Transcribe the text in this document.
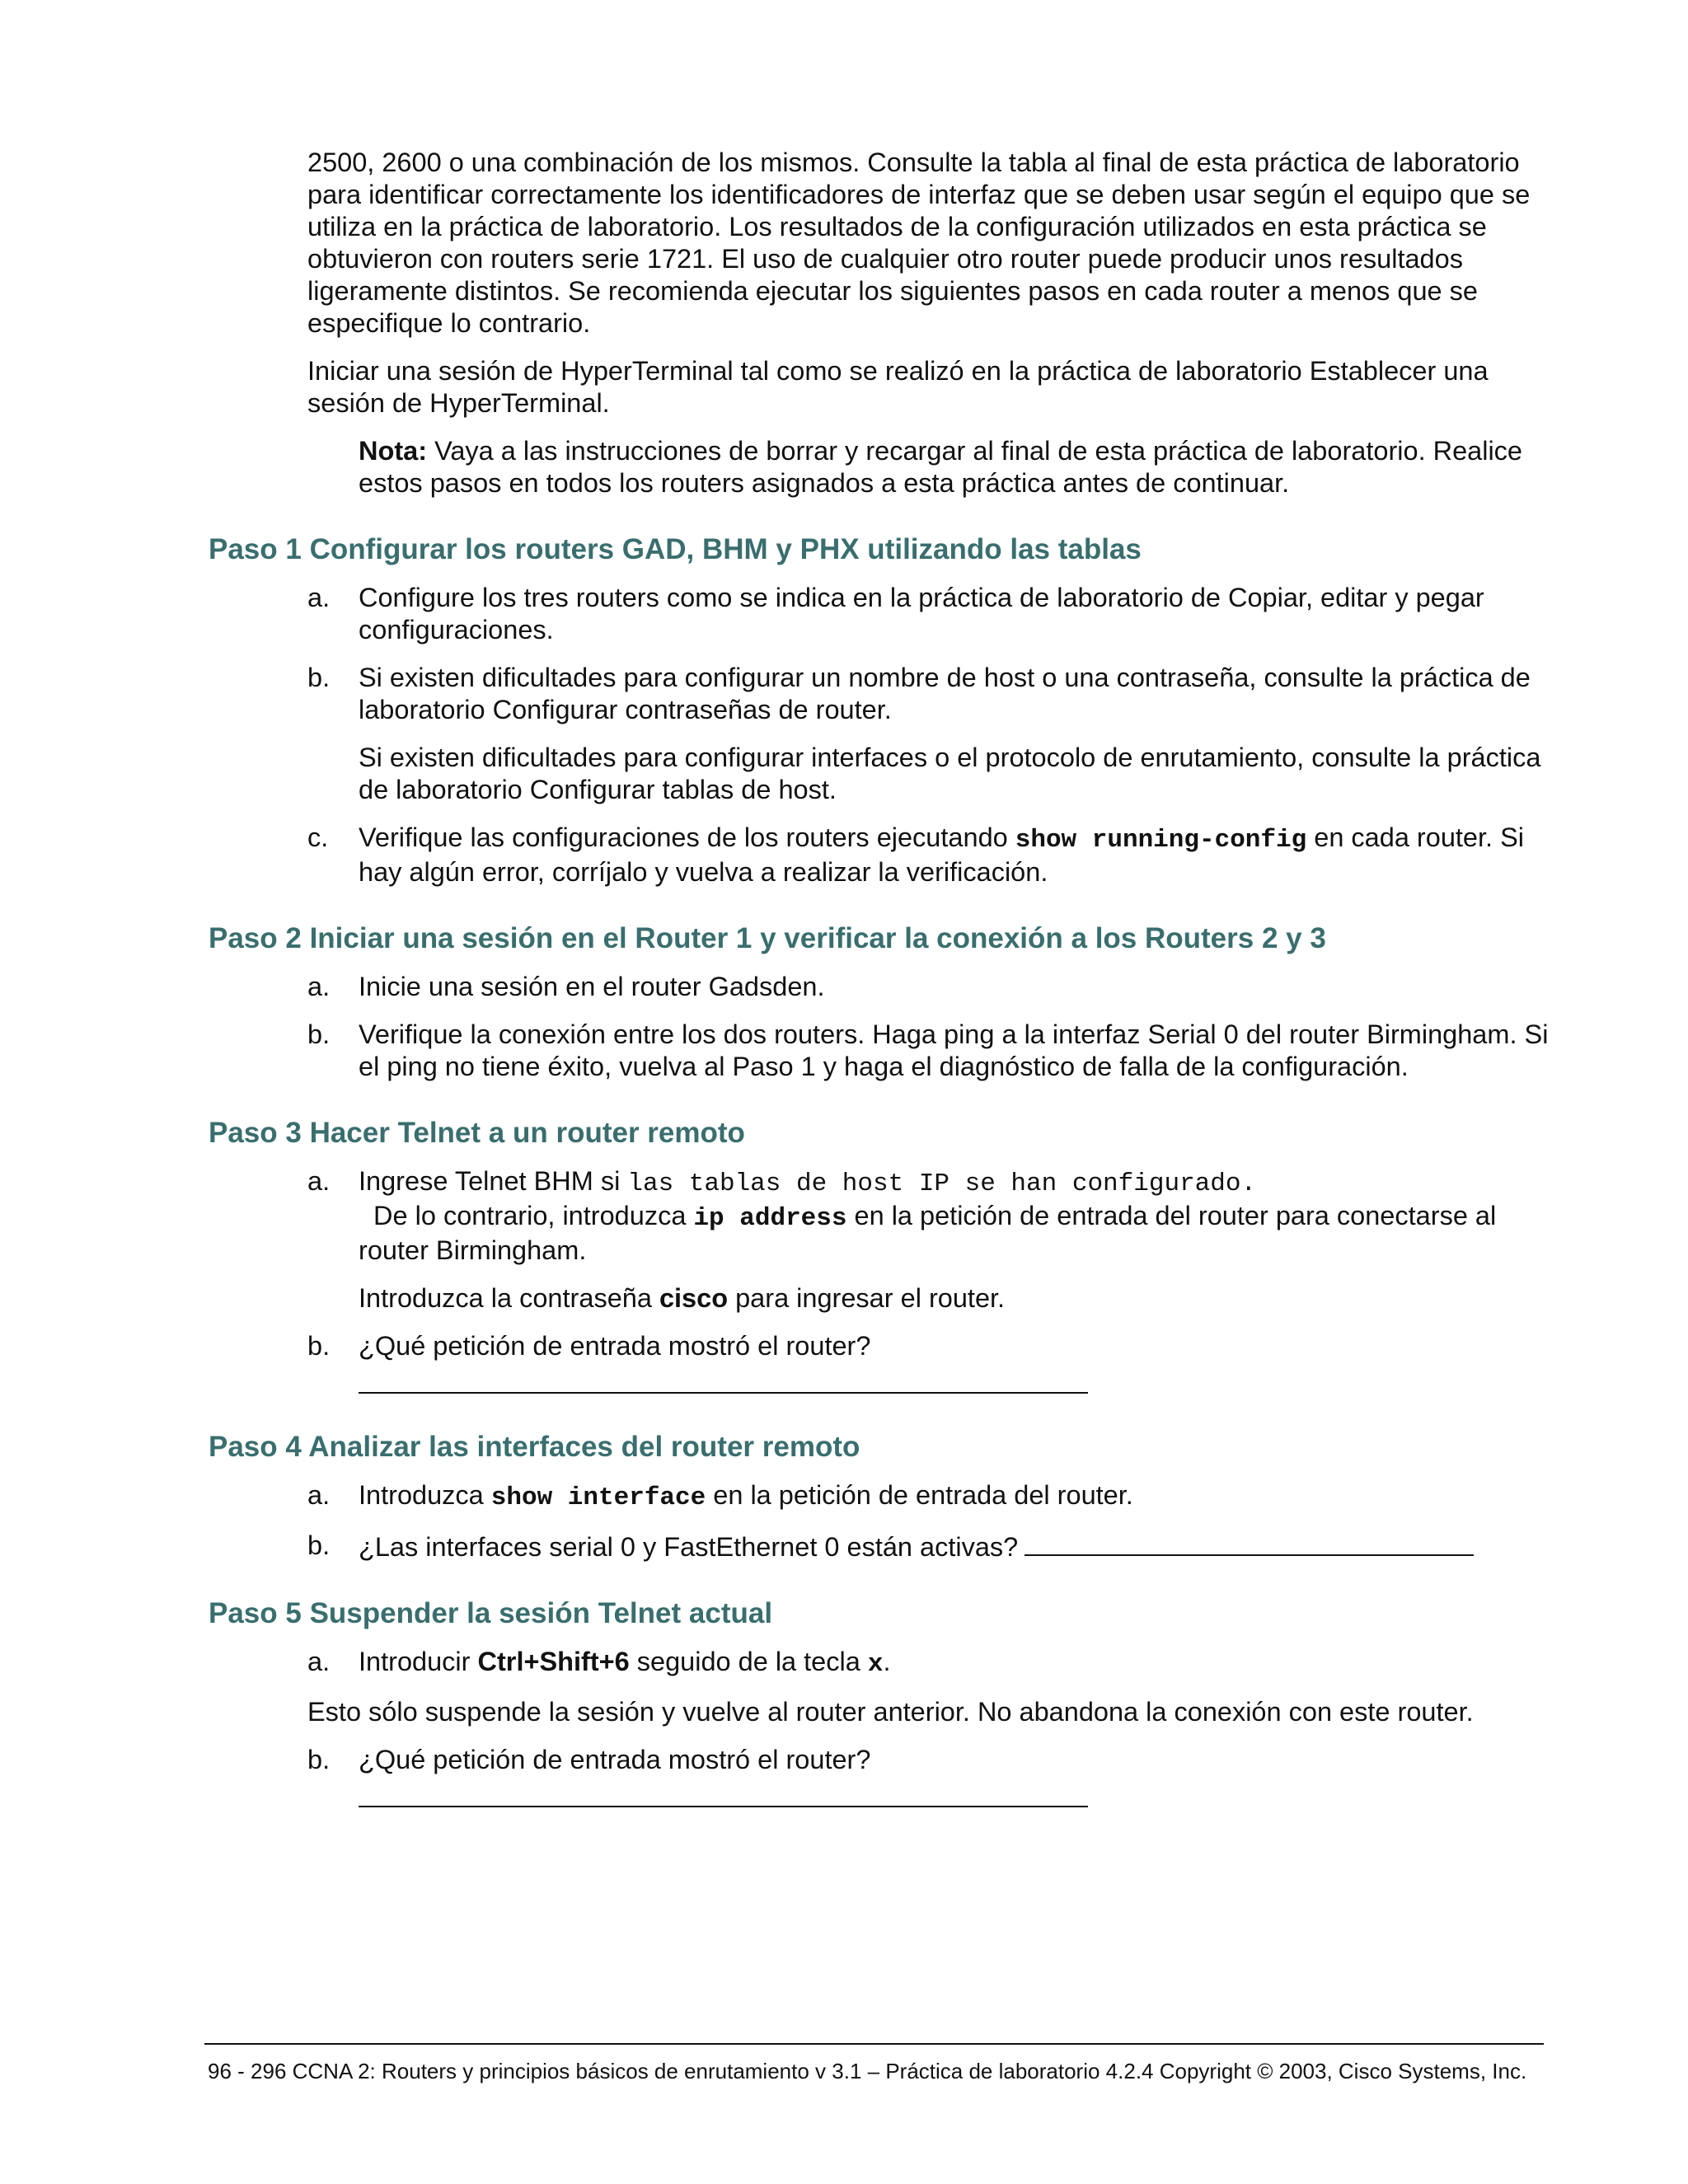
2500, 2600 o una combinación de los mismos. Consulte la tabla al final de esta práctica de laboratorio para identificar correctamente los identificadores de interfaz que se deben usar según el equipo que se utiliza en la práctica de laboratorio. Los resultados de la configuración utilizados en esta práctica se obtuvieron con routers serie 1721. El uso de cualquier otro router puede producir unos resultados ligeramente distintos. Se recomienda ejecutar los siguientes pasos en cada router a menos que se especifique lo contrario.

Iniciar una sesión de HyperTerminal tal como se realizó en la práctica de laboratorio Establecer una sesión de HyperTerminal.

Nota: Vaya a las instrucciones de borrar y recargar al final de esta práctica de laboratorio. Realice estos pasos en todos los routers asignados a esta práctica antes de continuar.

Paso 1 Configurar los routers GAD, BHM y PHX utilizando las tablas

a. Configure los tres routers como se indica en la práctica de laboratorio de Copiar, editar y pegar configuraciones.

b. Si existen dificultades para configurar un nombre de host o una contraseña, consulte la práctica de laboratorio Configurar contraseñas de router.

Si existen dificultades para configurar interfaces o el protocolo de enrutamiento, consulte la práctica de laboratorio Configurar tablas de host.

c. Verifique las configuraciones de los routers ejecutando show running-config en cada router. Si hay algún error, corríjalo y vuelva a realizar la verificación.

Paso 2 Iniciar una sesión en el Router 1 y verificar la conexión a los Routers 2 y 3

a. Inicie una sesión en el router Gadsden.

b. Verifique la conexión entre los dos routers. Haga ping a la interfaz Serial 0 del router Birmingham. Si el ping no tiene éxito, vuelva al Paso 1 y haga el diagnóstico de falla de la configuración.

Paso 3 Hacer Telnet a un router remoto

a. Ingrese Telnet BHM si las tablas de host IP se han configurado.  De lo contrario, introduzca ip address en la petición de entrada del router para conectarse al router Birmingham.

Introduzca la contraseña cisco para ingresar el router.

b. ¿Qué petición de entrada mostró el router?

Paso 4 Analizar las interfaces del router remoto

a. Introduzca show interface en la petición de entrada del router.

b. ¿Las interfaces serial 0 y FastEthernet 0 están activas?

Paso 5 Suspender la sesión Telnet actual

a. Introducir Ctrl+Shift+6 seguido de la tecla x.

Esto sólo suspende la sesión y vuelve al router anterior. No abandona la conexión con este router.

b. ¿Qué petición de entrada mostró el router?

96 - 296 CCNA 2: Routers y principios básicos de enrutamiento v 3.1 – Práctica de laboratorio 4.2.4 Copyright © 2003, Cisco Systems, Inc.
